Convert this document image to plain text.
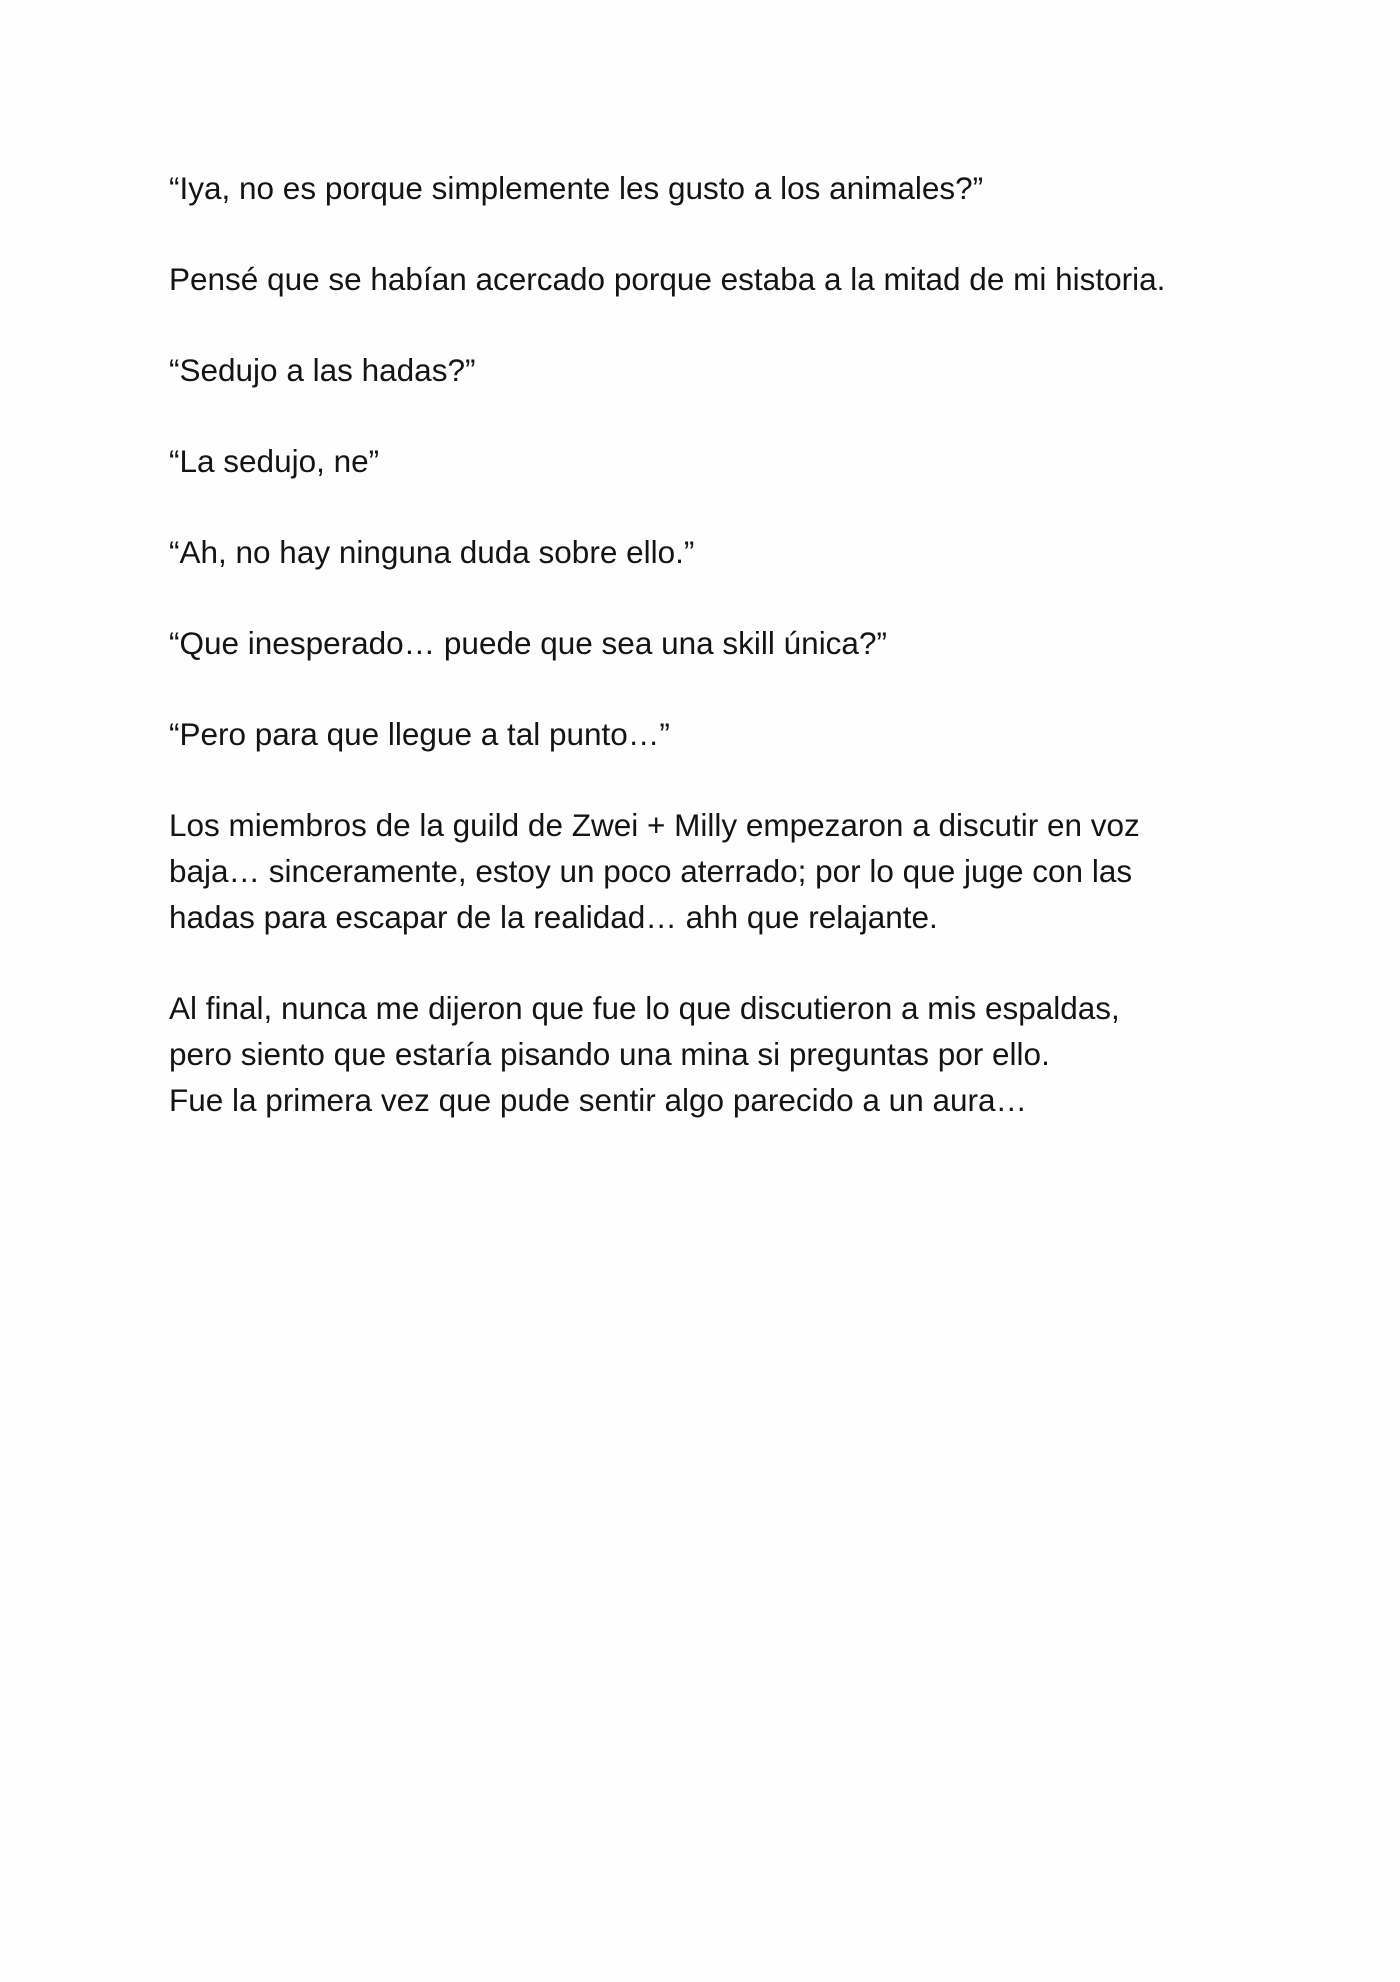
“Iya, no es porque simplemente les gusto a los animales?”

Pensé que se habían acercado porque estaba a la mitad de mi historia.

“Sedujo a las hadas?”

“La sedujo, ne”

“Ah, no hay ninguna duda sobre ello.”

“Que inesperado… puede que sea una skill única?”

“Pero para que llegue a tal punto…”

Los miembros de la guild de Zwei + Milly empezaron a discutir en voz
baja… sinceramente, estoy un poco aterrado; por lo que juge con las
hadas para escapar de la realidad… ahh que relajante.

Al final, nunca me dijeron que fue lo que discutieron a mis espaldas,
pero siento que estaría pisando una mina si preguntas por ello.
Fue la primera vez que pude sentir algo parecido a un aura…
